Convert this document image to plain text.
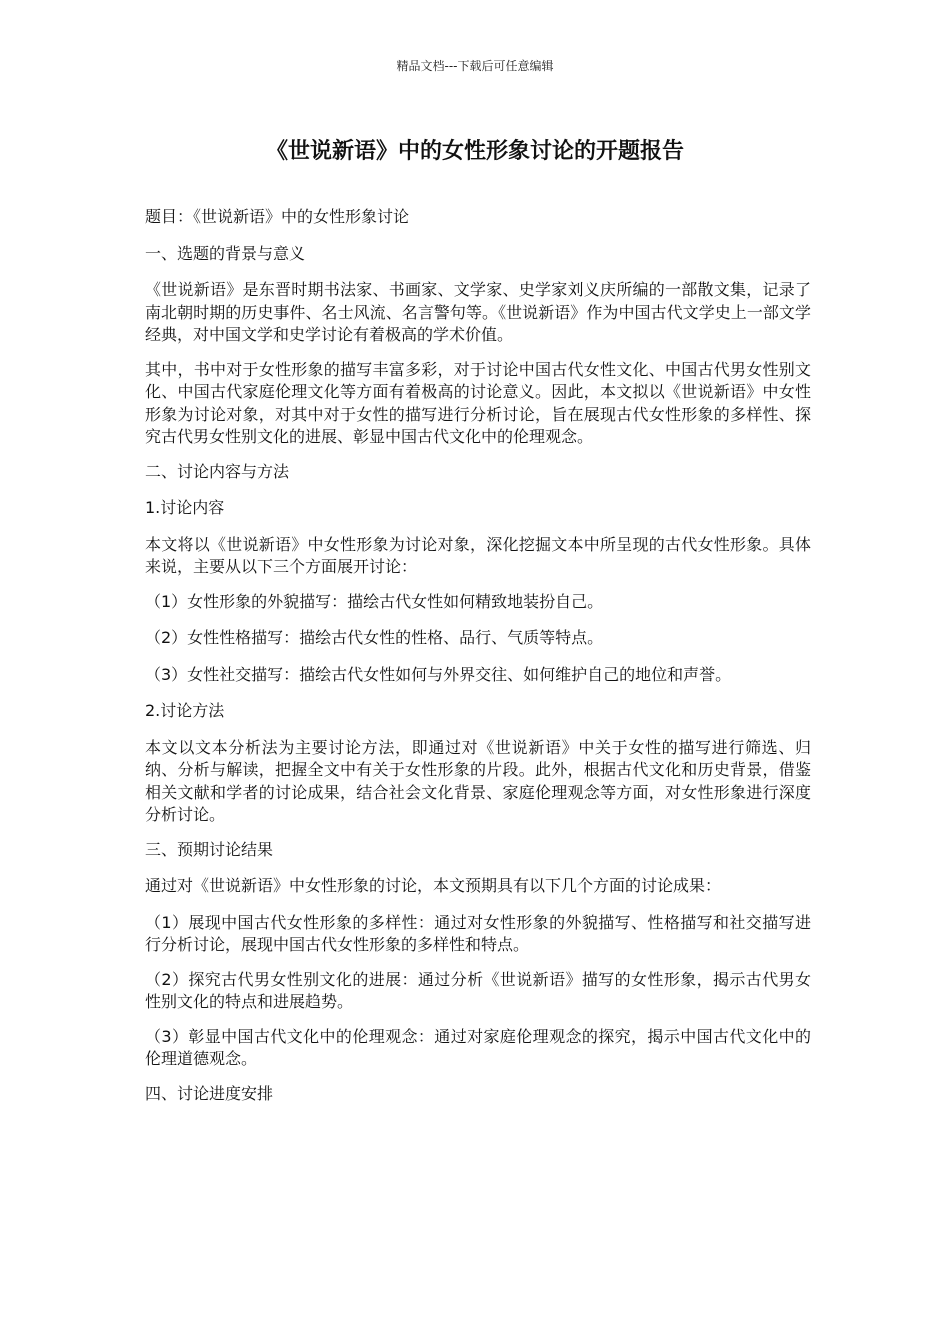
精品文档---下载后可任意编辑
《世说新语》中的女性形象讨论的开题报告

题目：《世说新语》中的女性形象讨论

一、选题的背景与意义

《世说新语》是东晋时期书法家、书画家、文学家、史学家刘义庆所编的一部散文集，记录了南北朝时期的历史事件、名士风流、名言警句等。《世说新语》作为中国古代文学史上一部文学经典，对中国文学和史学讨论有着极高的学术价值。

其中，书中对于女性形象的描写丰富多彩，对于讨论中国古代女性文化、中国古代男女性别文化、中国古代家庭伦理文化等方面有着极高的讨论意义。因此，本文拟以《世说新语》中女性形象为讨论对象，对其中对于女性的描写进行分析讨论，旨在展现古代女性形象的多样性、探究古代男女性别文化的进展、彰显中国古代文化中的伦理观念。

二、讨论内容与方法

1.讨论内容

本文将以《世说新语》中女性形象为讨论对象，深化挖掘文本中所呈现的古代女性形象。具体来说，主要从以下三个方面展开讨论：

（1）女性形象的外貌描写：描绘古代女性如何精致地装扮自己。

（2）女性性格描写：描绘古代女性的性格、品行、气质等特点。

（3）女性社交描写：描绘古代女性如何与外界交往、如何维护自己的地位和声誉。

2.讨论方法

本文以文本分析法为主要讨论方法，即通过对《世说新语》中关于女性的描写进行筛选、归纳、分析与解读，把握全文中有关于女性形象的片段。此外，根据古代文化和历史背景，借鉴相关文献和学者的讨论成果，结合社会文化背景、家庭伦理观念等方面，对女性形象进行深度分析讨论。

三、预期讨论结果

通过对《世说新语》中女性形象的讨论，本文预期具有以下几个方面的讨论成果：

（1）展现中国古代女性形象的多样性：通过对女性形象的外貌描写、性格描写和社交描写进行分析讨论，展现中国古代女性形象的多样性和特点。

（2）探究古代男女性别文化的进展：通过分析《世说新语》描写的女性形象，揭示古代男女性别文化的特点和进展趋势。

（3）彰显中国古代文化中的伦理观念：通过对家庭伦理观念的探究，揭示中国古代文化中的伦理道德观念。

四、讨论进度安排
